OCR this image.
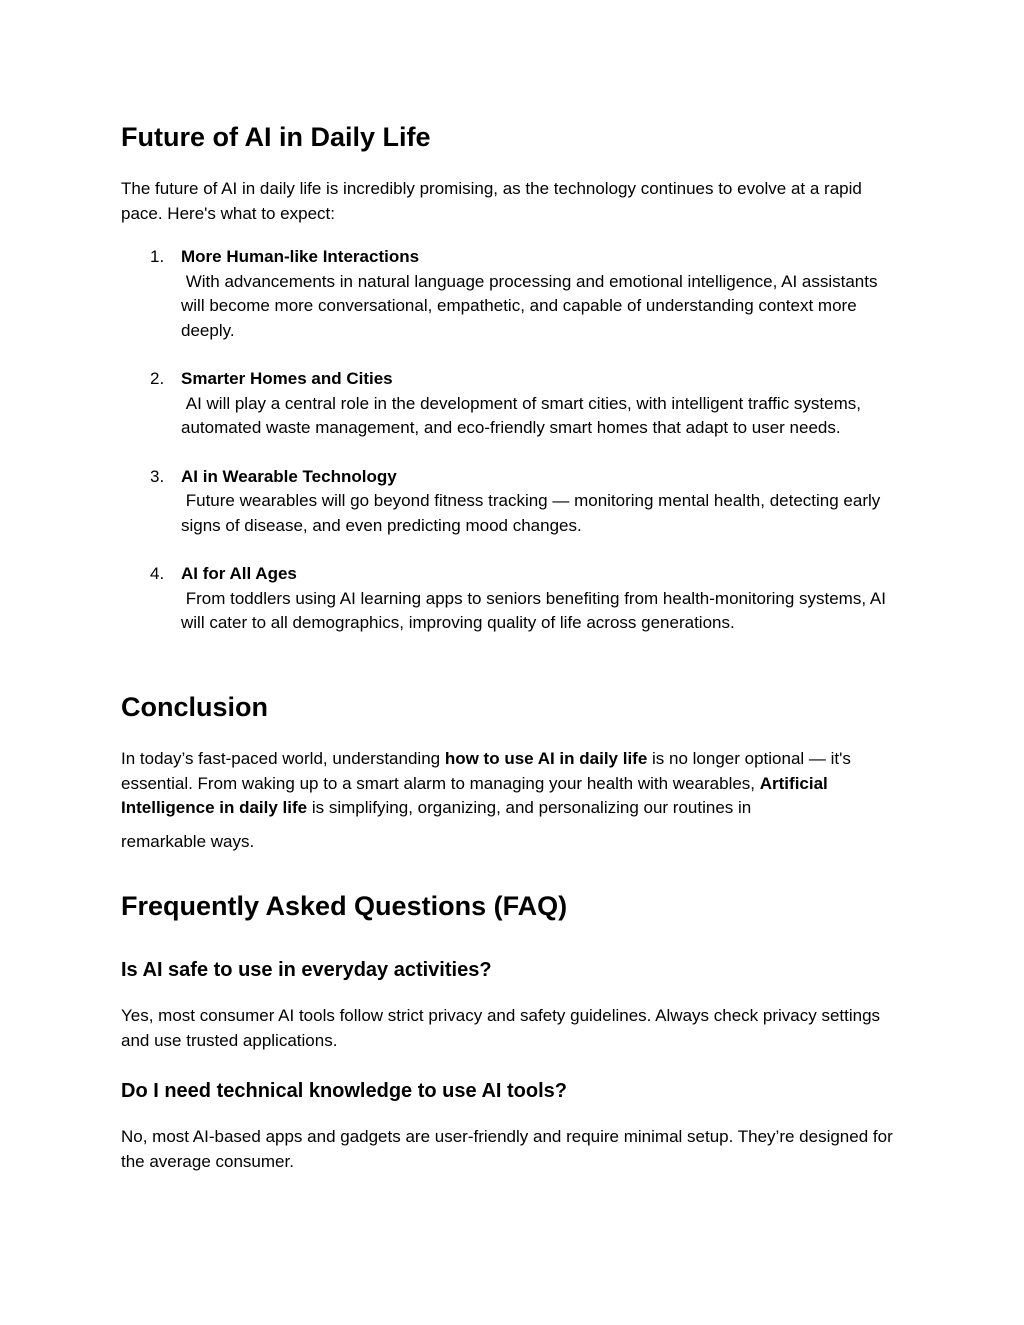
Future of AI in Daily Life

The future of AI in daily life is incredibly promising, as the technology continues to evolve at a rapid pace. Here's what to expect:

1. More Human-like Interactions
With advancements in natural language processing and emotional intelligence, AI assistants will become more conversational, empathetic, and capable of understanding context more deeply.
2. Smarter Homes and Cities
AI will play a central role in the development of smart cities, with intelligent traffic systems, automated waste management, and eco-friendly smart homes that adapt to user needs.
3. AI in Wearable Technology
Future wearables will go beyond fitness tracking — monitoring mental health, detecting early signs of disease, and even predicting mood changes.
4. AI for All Ages
From toddlers using AI learning apps to seniors benefiting from health-monitoring systems, AI will cater to all demographics, improving quality of life across generations.
Conclusion

In today’s fast-paced world, understanding how to use AI in daily life is no longer optional — it's essential. From waking up to a smart alarm to managing your health with wearables, Artificial Intelligence in daily life is simplifying, organizing, and personalizing our routines in
remarkable ways.

Frequently Asked Questions (FAQ)
Is AI safe to use in everyday activities?

Yes, most consumer AI tools follow strict privacy and safety guidelines. Always check privacy settings and use trusted applications.

Do I need technical knowledge to use AI tools?

No, most AI-based apps and gadgets are user-friendly and require minimal setup. They’re designed for the average consumer.
